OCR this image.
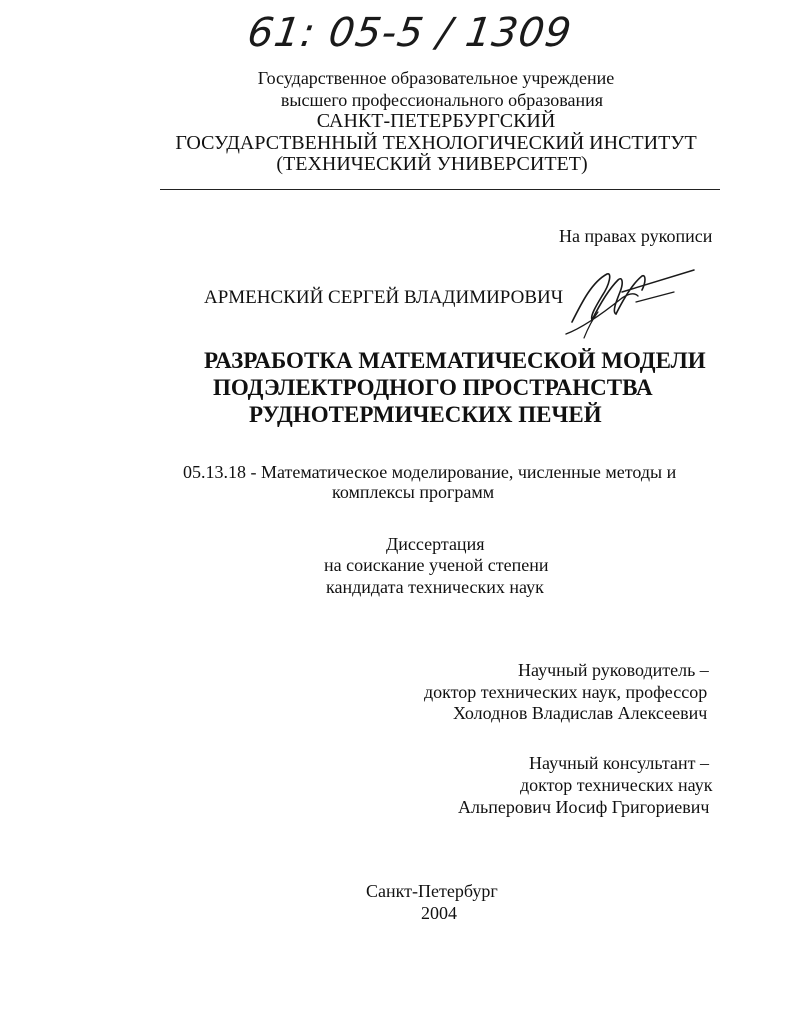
61: 05-5 / 1309
Государственное образовательное учреждение
высшего профессионального образования
САНКТ-ПЕТЕРБУРГСКИЙ
ГОСУДАРСТВЕННЫЙ ТЕХНОЛОГИЧЕСКИЙ ИНСТИТУТ
(ТЕХНИЧЕСКИЙ УНИВЕРСИТЕТ)
На правах рукописи
АРМЕНСКИЙ СЕРГЕЙ ВЛАДИМИРОВИЧ
РАЗРАБОТКА МАТЕМАТИЧЕСКОЙ МОДЕЛИ
ПОДЭЛЕКТРОДНОГО ПРОСТРАНСТВА
РУДНОТЕРМИЧЕСКИХ ПЕЧЕЙ
05.13.18 - Математическое моделирование, численные методы и
комплексы программ
Диссертация
на соискание ученой степени
кандидата технических наук
Научный руководитель –
доктор технических наук, профессор
Холоднов Владислав Алексеевич
Научный консультант –
доктор технических наук
Альперович Иосиф Григориевич
Санкт-Петербург
2004
